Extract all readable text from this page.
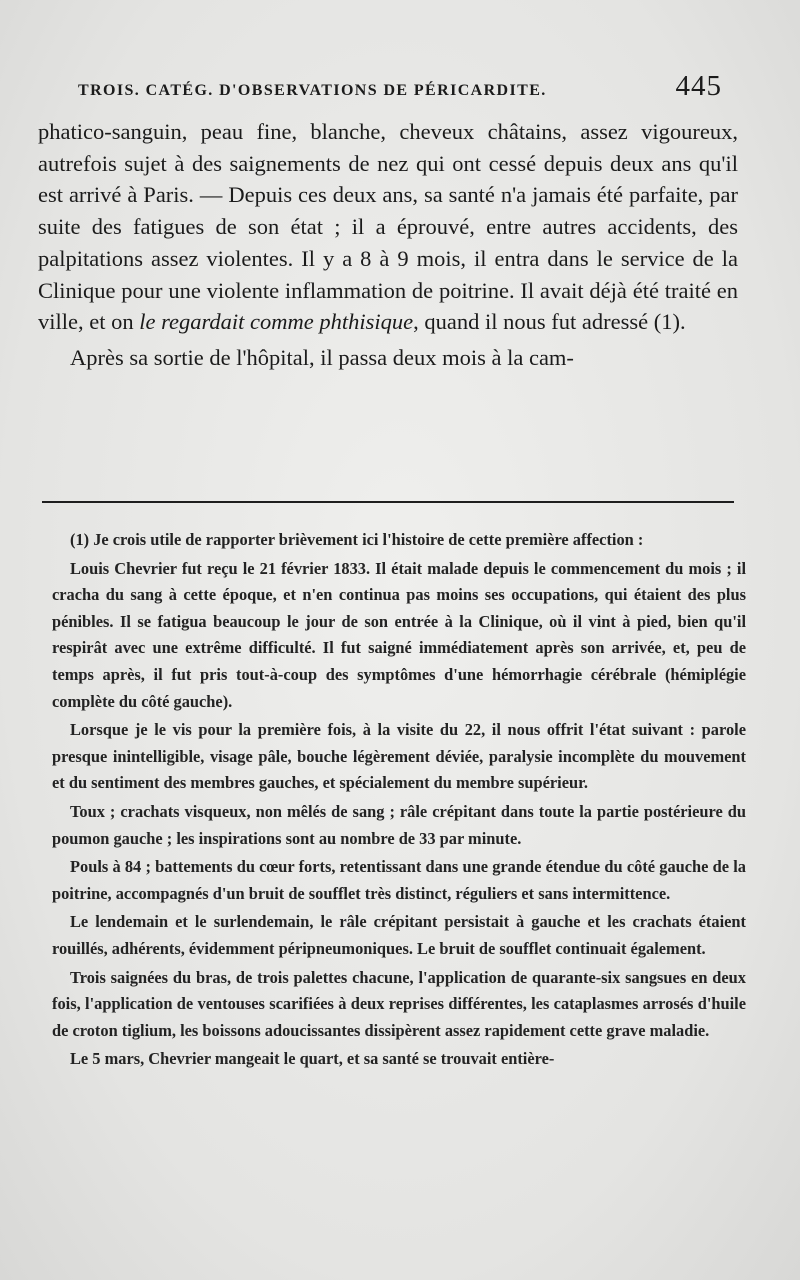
TROIS. CATÉG. D'OBSERVATIONS DE PÉRICARDITE.	445

phatico-sanguin, peau fine, blanche, cheveux châtains, assez vigoureux, autrefois sujet à des saignements de nez qui ont cessé depuis deux ans qu'il est arrivé à Paris. — Depuis ces deux ans, sa santé n'a jamais été parfaite, par suite des fatigues de son état ; il a éprouvé, entre autres accidents, des palpitations assez violentes. Il y a 8 à 9 mois, il entra dans le service de la Clinique pour une violente inflammation de poitrine. Il avait déjà été traité en ville, et on le regardait comme phthisique, quand il nous fut adressé (1).

Après sa sortie de l'hôpital, il passa deux mois à la cam-

(1) Je crois utile de rapporter brièvement ici l'histoire de cette première affection :

Louis Chevrier fut reçu le 21 février 1833. Il était malade depuis le commencement du mois ; il cracha du sang à cette époque, et n'en continua pas moins ses occupations, qui étaient des plus pénibles. Il se fatigua beaucoup le jour de son entrée à la Clinique, où il vint à pied, bien qu'il respirât avec une extrême difficulté. Il fut saigné immédiatement après son arrivée, et, peu de temps après, il fut pris tout-à-coup des symptômes d'une hémorrhagie cérébrale (hémiplégie complète du côté gauche).

Lorsque je le vis pour la première fois, à la visite du 22, il nous offrit l'état suivant : parole presque inintelligible, visage pâle, bouche légèrement déviée, paralysie incomplète du mouvement et du sentiment des membres gauches, et spécialement du membre supérieur.

Toux ; crachats visqueux, non mêlés de sang ; râle crépitant dans toute la partie postérieure du poumon gauche ; les inspirations sont au nombre de 33 par minute.

Pouls à 84 ; battements du cœur forts, retentissant dans une grande étendue du côté gauche de la poitrine, accompagnés d'un bruit de soufflet très distinct, réguliers et sans intermittence.

Le lendemain et le surlendemain, le râle crépitant persistait à gauche et les crachats étaient rouillés, adhérents, évidemment péripneumoniques. Le bruit de soufflet continuait également.

Trois saignées du bras, de trois palettes chacune, l'application de quarante-six sangsues en deux fois, l'application de ventouses scarifiées à deux reprises différentes, les cataplasmes arrosés d'huile de croton tiglium, les boissons adoucissantes dissipèrent assez rapidement cette grave maladie.

Le 5 mars, Chevrier mangeait le quart, et sa santé se trouvait entière-
